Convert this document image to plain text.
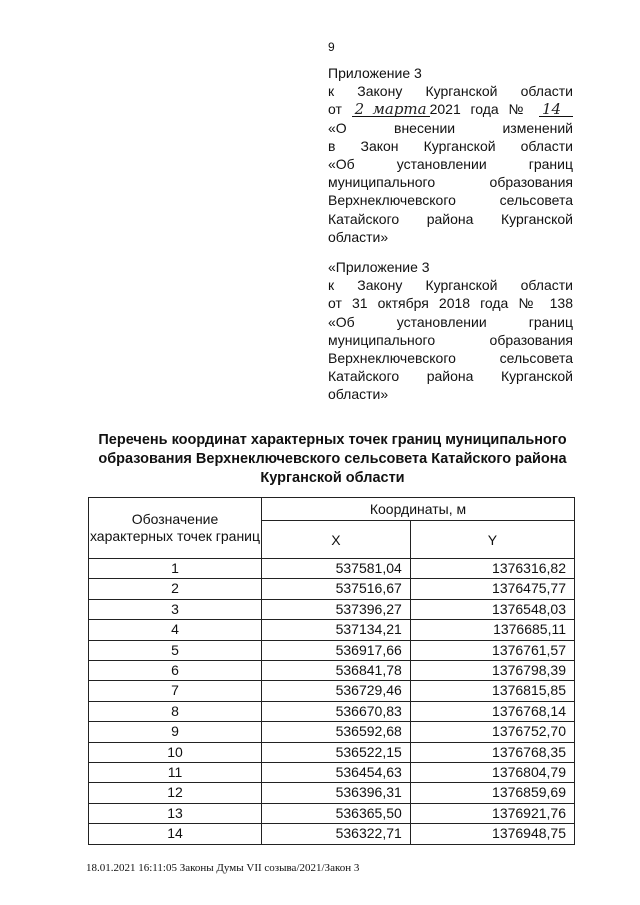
9

Приложение 3

к Закону Курганской области

от 2 марта 2021 года № 14

«О внесении изменений

в Закон Курганской области

«Об установлении границ

муниципального образования

Верхнеключевского сельсовета

Катайского района Курганской

области»

«Приложение 3

к Закону Курганской области

от 31 октября 2018 года № 138

«Об установлении границ

муниципального образования

Верхнеключевского сельсовета

Катайского района Курганской

области»

Перечень координат характерных точек границ муниципального
образования Верхнеключевского сельсовета Катайского района
Курганской области
Обозначение характерных точек границ	Координаты, м	
	X	Y
1	537581,04	1376316,82
2	537516,67	1376475,77
3	537396,27	1376548,03
4	537134,21	1376685,11
5	536917,66	1376761,57
6	536841,78	1376798,39
7	536729,46	1376815,85
8	536670,83	1376768,14
9	536592,68	1376752,70
10	536522,15	1376768,35
11	536454,63	1376804,79
12	536396,31	1376859,69
13	536365,50	1376921,76
14	536322,71	1376948,75
18.01.2021 16:11:05 Законы Думы VII созыва/2021/Закон 3
